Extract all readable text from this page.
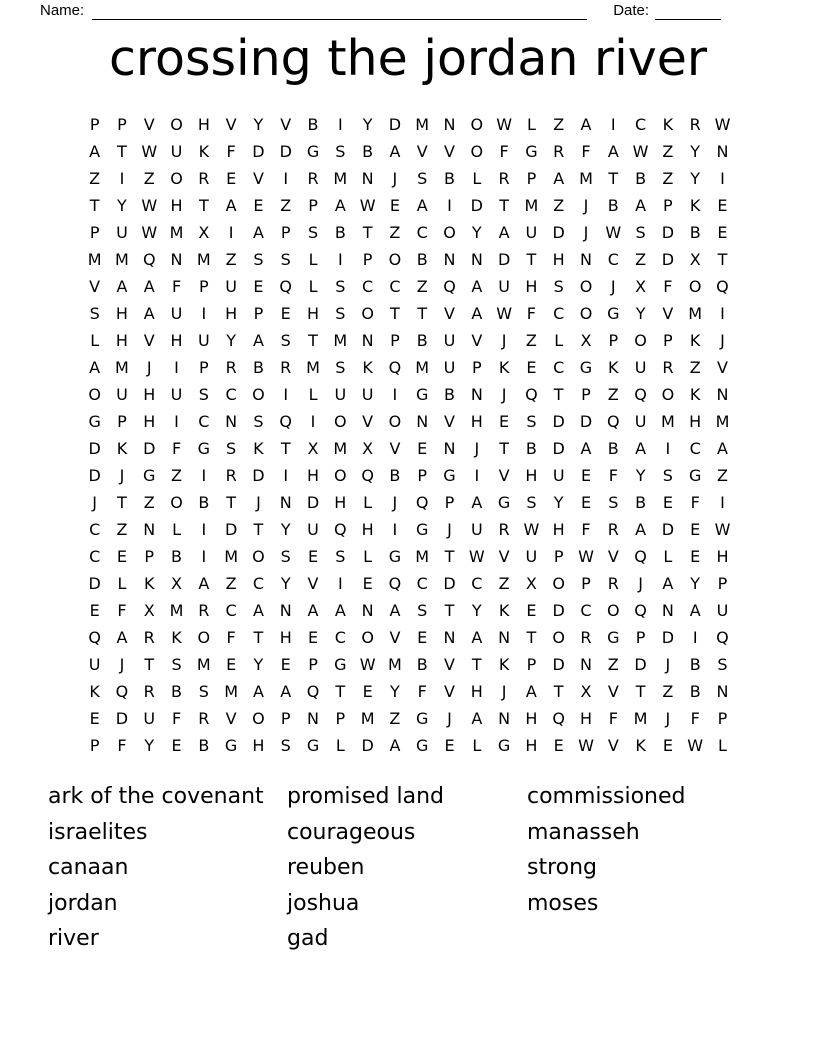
Name:	Date:
crossing the jordan river
P	P	V O H V	Y	V	B	I	Y	D M N O W L	Z	A	I	C	K	R W
A	T W U	K	F	D D G	S	B	A	V	V O	F	G R	F	A W Z	Y	N
Z	I	Z O R	E	V	I	R M N	J	S	B	L	R	P	A M T	B	Z	Y	I
T	Y W H	T	A	E	Z	P	A W E	A	I	D	T M Z	J	B	A	P	K	E
P	U W M X	I	A	P	S	B	T	Z	C O	Y	A U D	J	W S	D B	E
M M Q N M Z	S	S	L	I	P	O B N N D	T	H N C	Z D X	T
V	A	A	F	P	U	E Q	L	S	C	C	Z Q A U H	S O	J	X	F	O Q
S	H A U	I	H	P	E	H	S O	T	T	V	A W F	C O G	Y	V M	I
L	H V H U	Y	A	S	T M N	P	B U V	J	Z	L	X	P	O	P	K	J
A M	J	I	P	R	B	R M S	K Q M U	P	K	E	C G K	U R	Z	V
O U H U	S	C O	I	L	U U	I	G B N	J	Q	T	P	Z Q O K	N
G	P	H	I	C N	S Q	I	O V O N V H	E	S	D D Q U M H M
D K D	F	G	S	K	T	X M X	V	E	N	J	T	B D A	B	A	I	C	A
D	J	G Z	I	R D	I	H O Q B	P	G	I	V H U	E	F	Y	S	G Z
J	T	Z O B	T	J	N D H	L	J	Q	P	A G	S	Y	E	S	B	E	F	I
C	Z N	L	I	D	T	Y	U Q H	I	G	J	U R W H	F	R	A D	E W
C	E	P	B	I	M O S	E	S	L	G M T W V U	P W V Q	L	E	H
D	L	K	X	A	Z	C	Y	V	I	E Q C D C	Z	X O	P	R	J	A	Y	P
E	F	X M R	C	A N A	A N A	S	T	Y	K	E	D C O Q N A U
Q A	R	K O	F	T	H	E	C O V	E	N A N	T	O R G	P	D	I	Q
U	J	T	S M E	Y	E	P	G W M B	V	T	K	P	D N Z D	J	B	S
K Q R	B	S M A	A Q	T	E	Y	F	V H	J	A	T	X	V	T	Z	B N
E	D U	F	R	V O	P	N	P M Z G	J	A N H Q H	F M	J	F	P
P	F	Y	E	B G H	S	G	L	D A G	E	L	G H	E W V	K	E W L
ark of the covenant
israelites
canaan
jordan
river
promised land
courageous
reuben
joshua
gad
commissioned
manasseh
strong
moses
